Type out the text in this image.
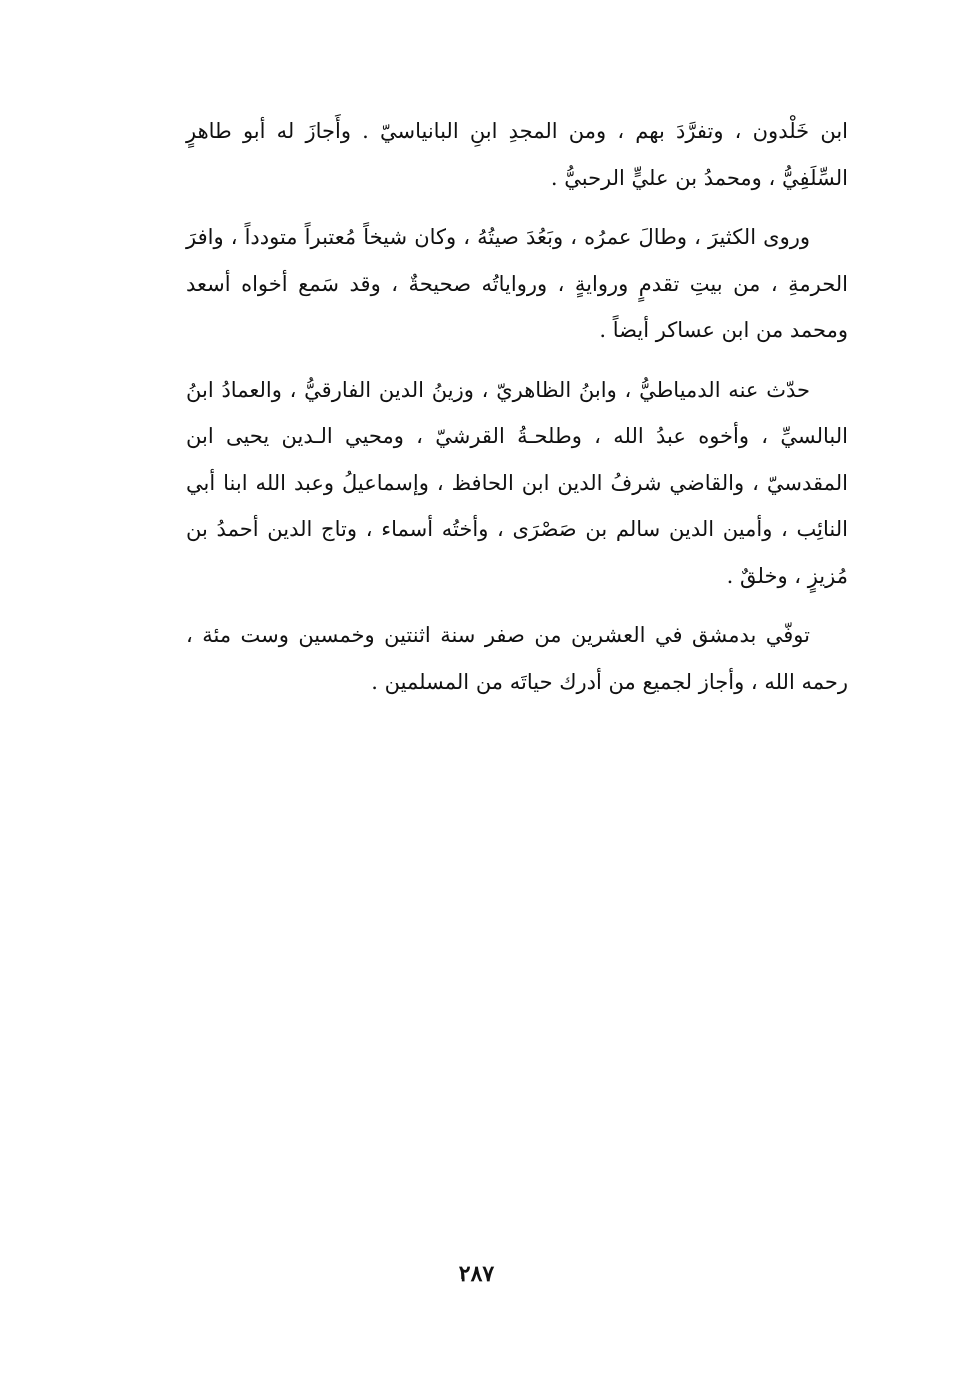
ابن خَلْدون ، وتفرَّدَ بهم ، ومن المجدِ ابنِ البانياسيّ . وأَجازَ له أبو طاهرٍ السِّلَفِيُّ ، ومحمدُ بن عليٍّ الرحبيُّ .

وروى الكثيرَ ، وطالَ عمرُه ، وبَعُدَ صيتُهُ ، وكان شيخاً مُعتبراً متودداً ، وافرَ الحرمةِ ، من بيتِ تقدمٍ وروايةٍ ، ورواياتُه صحيحةٌ ، وقد سَمع أخواه أسعد ومحمد من ابن عساكر أيضاً .

حدّث عنه الدمياطيُّ ، وابنُ الظاهريّ ، وزينُ الدين الفارقيُّ ، والعمادُ ابنُ البالسيِّ ، وأخوه عبدُ الله ، وطلحـةُ القرشيّ ، ومحيي الـدين يحيى ابن المقدسيّ ، والقاضي شرفُ الدين ابن الحافظ ، وإسماعيلُ وعبد الله ابنا أبي النائِب ، وأمين الدين سالم بن صَصْرَى ، وأختُه أسماء ، وتاج الدين أحمدُ بن مُزيزٍ ، وخلقٌ .

توفّي بدمشق في العشرين من صفر سنة اثنتين وخمسين وست مئة ، رحمه الله ، وأجاز لجميع من أدرك حياتَه من المسلمين .

٢٨٧
